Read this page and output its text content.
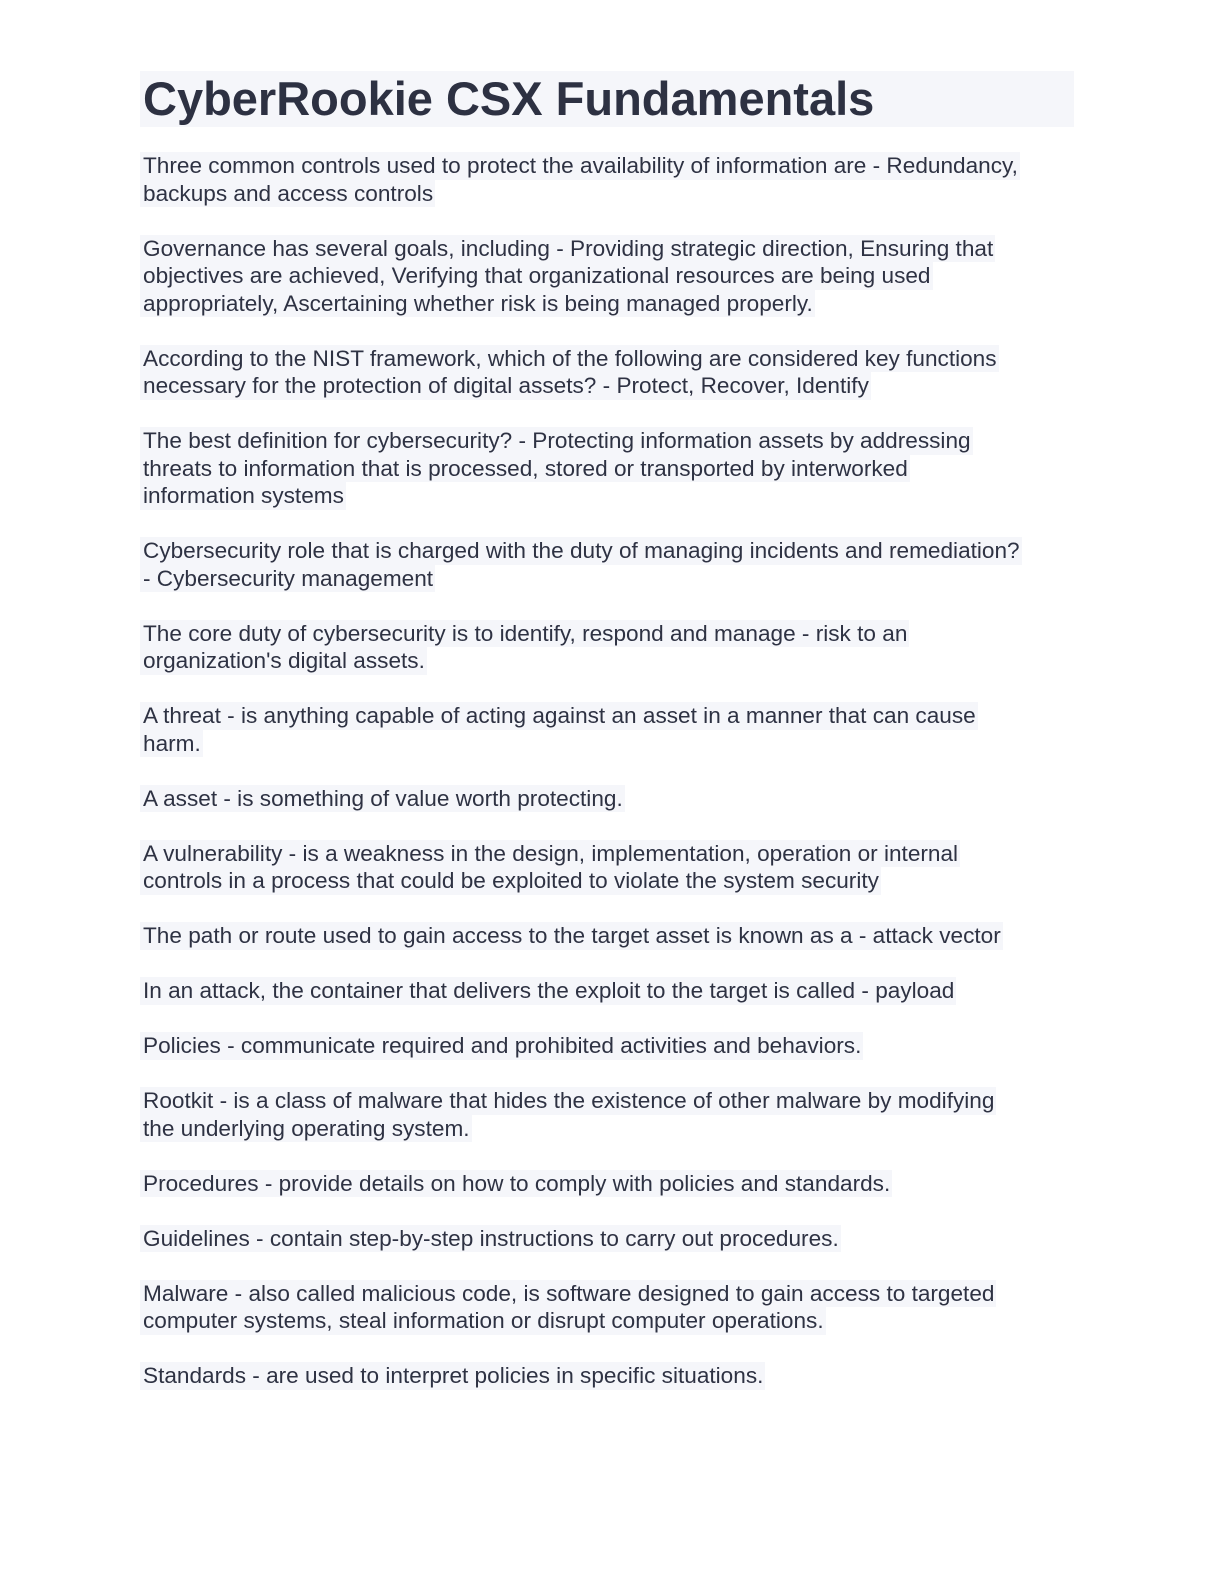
CyberRookie CSX Fundamentals
Three common controls used to protect the availability of information are - Redundancy,
backups and access controls
Governance has several goals, including - Providing strategic direction, Ensuring that
objectives are achieved, Verifying that organizational resources are being used
appropriately, Ascertaining whether risk is being managed properly.
According to the NIST framework, which of the following are considered key functions
necessary for the protection of digital assets? - Protect, Recover, Identify
The best definition for cybersecurity? - Protecting information assets by addressing
threats to information that is processed, stored or transported by interworked
information systems
Cybersecurity role that is charged with the duty of managing incidents and remediation?
- Cybersecurity management
The core duty of cybersecurity is to identify, respond and manage - risk to an
organization's digital assets.
A threat - is anything capable of acting against an asset in a manner that can cause
harm.
A asset - is something of value worth protecting.
A vulnerability - is a weakness in the design, implementation, operation or internal
controls in a process that could be exploited to violate the system security
The path or route used to gain access to the target asset is known as a - attack vector
In an attack, the container that delivers the exploit to the target is called - payload
Policies - communicate required and prohibited activities and behaviors.
Rootkit - is a class of malware that hides the existence of other malware by modifying
the underlying operating system.
Procedures - provide details on how to comply with policies and standards.
Guidelines - contain step-by-step instructions to carry out procedures.
Malware - also called malicious code, is software designed to gain access to targeted
computer systems, steal information or disrupt computer operations.
Standards - are used to interpret policies in specific situations.
